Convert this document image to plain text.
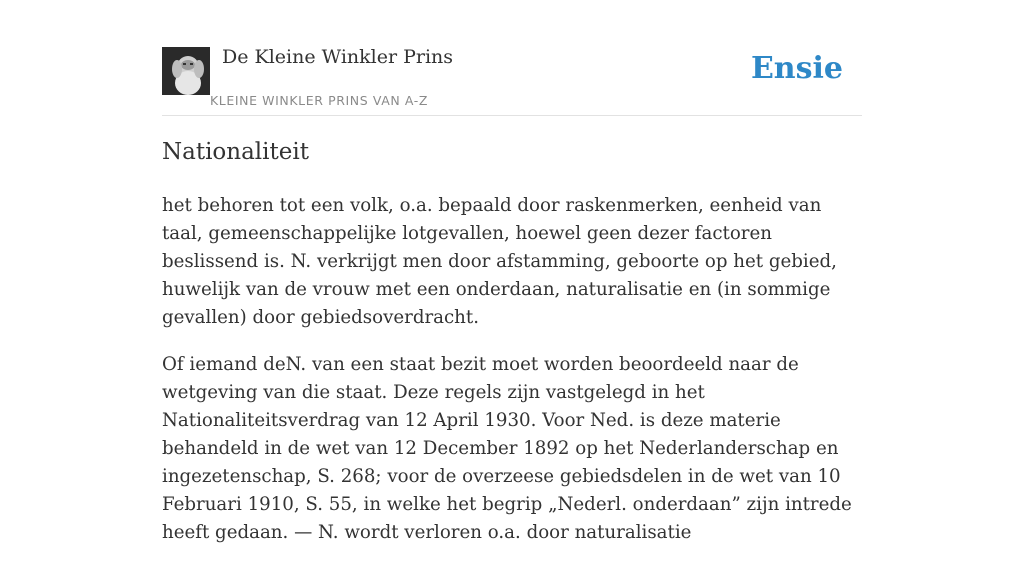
De Kleine Winkler Prins
KLEINE WINKLER PRINS VAN A-Z
Ensie
Nationaliteit

het behoren tot een volk, o.a. bepaald door raskenmerken, eenheid van taal, gemeenschappelijke lotgevallen, hoewel geen dezer factoren beslissend is. N. verkrijgt men door afstamming, geboorte op het gebied, huwelijk van de vrouw met een onderdaan, naturalisatie en (in sommige gevallen) door gebiedsoverdracht.

Of iemand deN. van een staat bezit moet worden beoordeeld naar de wetgeving van die staat. Deze regels zijn vastgelegd in het Nationaliteitsverdrag van 12 April 1930. Voor Ned. is deze materie behandeld in de wet van 12 December 1892 op het Nederlanderschap en ingezetenschap, S. 268; voor de overzeese gebiedsdelen in de wet van 10 Februari 1910, S. 55, in welke het begrip „Nederl. onderdaan” zijn intrede heeft gedaan. — N. wordt verloren o.a. door naturalisatie
